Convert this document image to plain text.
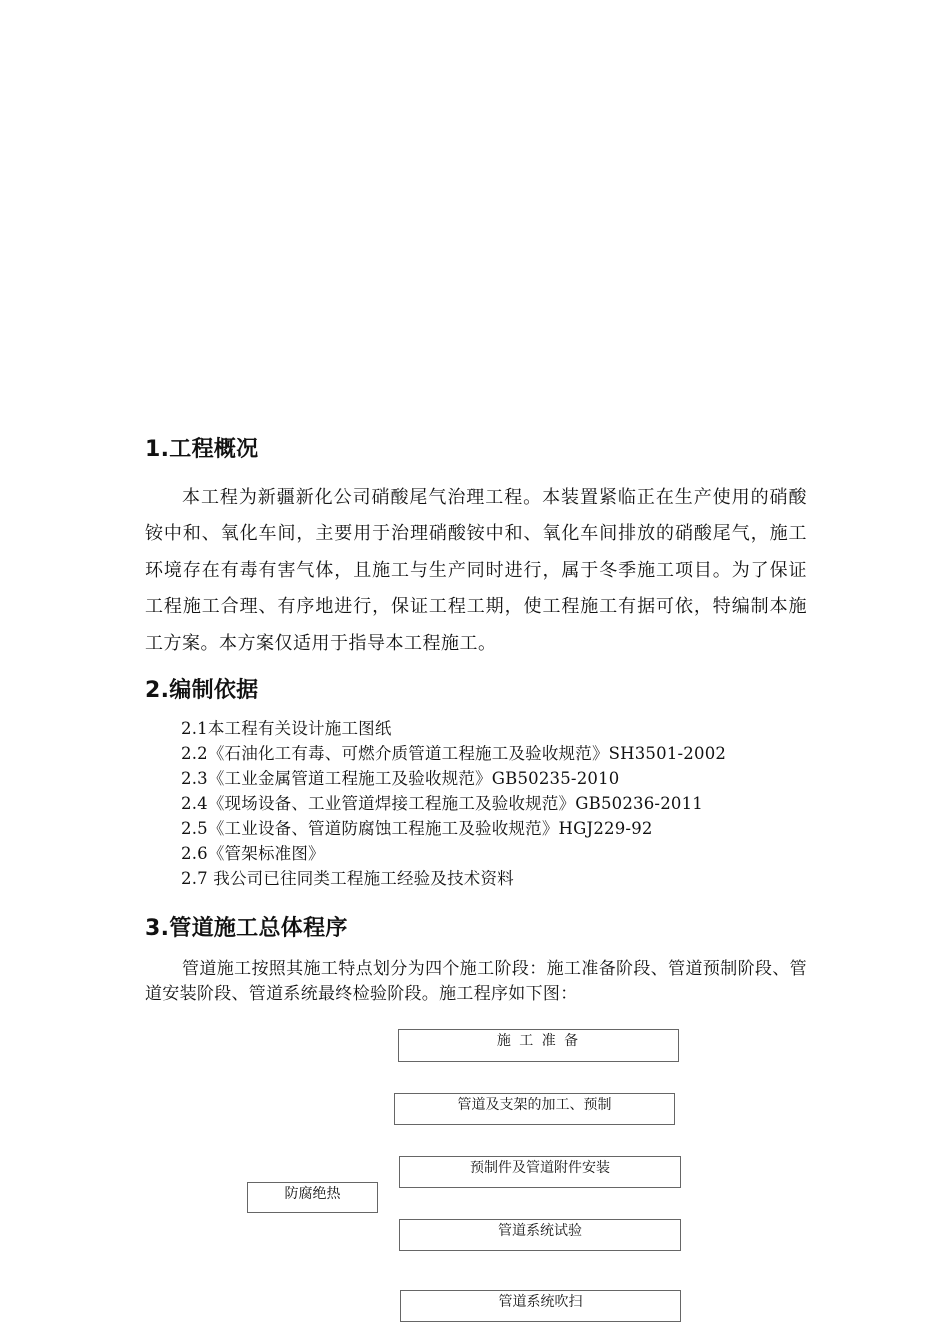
1.工程概况

本工程为新疆新化公司硝酸尾气治理工程。本装置紧临正在生产使用的硝酸铵中和、氧化车间，主要用于治理硝酸铵中和、氧化车间排放的硝酸尾气，施工环境存在有毒有害气体，且施工与生产同时进行，属于冬季施工项目。为了保证工程施工合理、有序地进行，保证工程工期，使工程施工有据可依，特编制本施工方案。本方案仅适用于指导本工程施工。

2.编制依据
2.1本工程有关设计施工图纸
2.2《石油化工有毒、可燃介质管道工程施工及验收规范》SH3501-2002
2.3《工业金属管道工程施工及验收规范》GB50235-2010
2.4《现场设备、工业管道焊接工程施工及验收规范》GB50236-2011
2.5《工业设备、管道防腐蚀工程施工及验收规范》HGJ229-92
2.6《管架标准图》
2.7 我公司已往同类工程施工经验及技术资料
3.管道施工总体程序

管道施工按照其施工特点划分为四个施工阶段：施工准备阶段、管道预制阶段、管道安装阶段、管道系统最终检验阶段。施工程序如下图：

施 工 准 备
管道及支架的加工、预制
预制件及管道附件安装
防腐绝热
管道系统试验
管道系统吹扫
